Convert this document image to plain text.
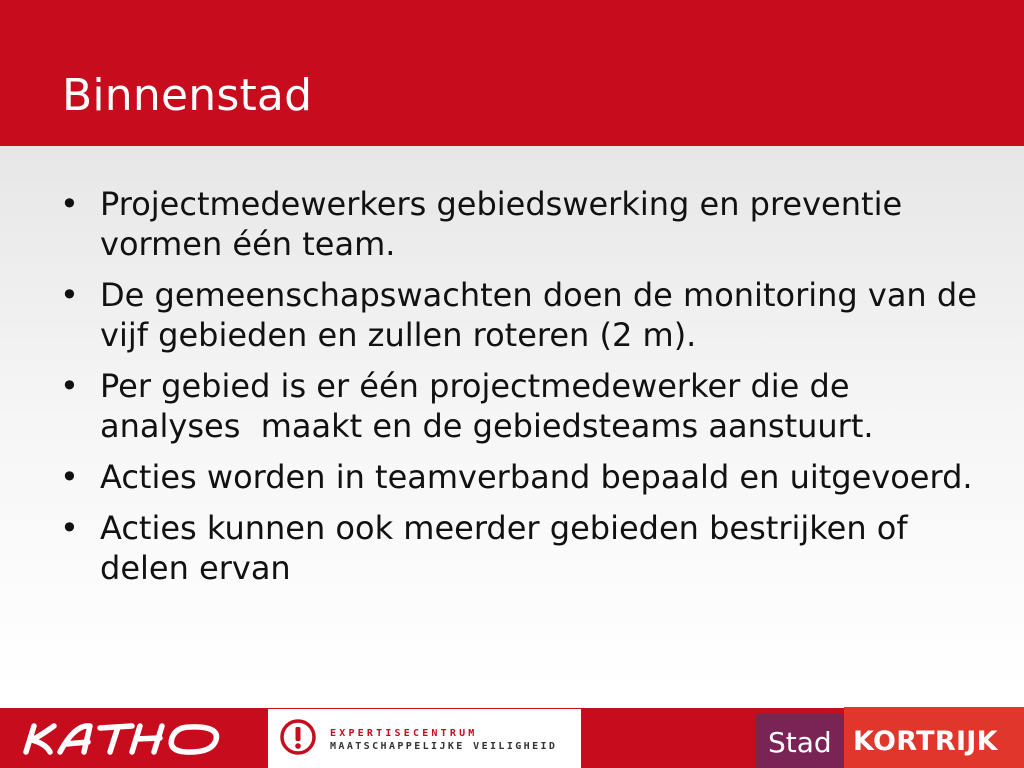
Binnenstad
• Projectmedewerkers gebiedswerking en preventie vormen één team.
• De gemeenschapswachten doen de monitoring van de vijf gebieden en zullen roteren (2 m).
• Per gebied is er één projectmedewerker die de analyses  maakt en de gebiedsteams aanstuurt.
• Acties worden in teamverband bepaald en uitgevoerd.
• Acties kunnen ook meerder gebieden bestrijken of delen ervan
EXPERTISECENTRUM
MAATSCHAPPELIJKE VEILIGHEID	Stad KORTRIJK
